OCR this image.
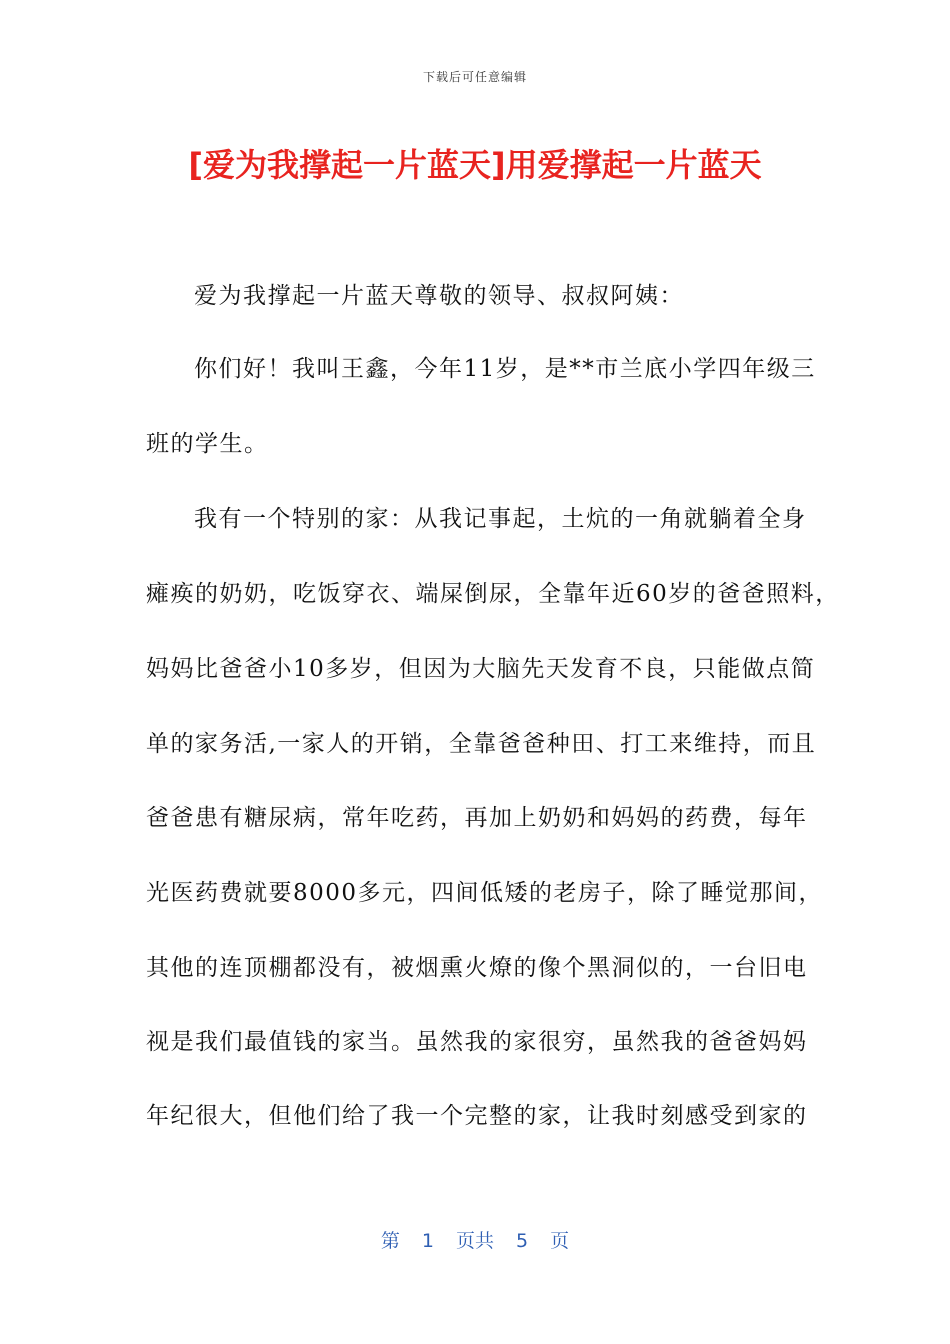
下载后可任意编辑
[爱为我撑起一片蓝天]用爱撑起一片蓝天
爱为我撑起一片蓝天尊敬的领导、叔叔阿姨：
你们好！我叫王鑫，今年11岁，是**市兰底小学四年级三
班的学生。
我有一个特别的家：从我记事起，土炕的一角就躺着全身
瘫痪的奶奶，吃饭穿衣、端屎倒尿，全靠年近60岁的爸爸照料，
妈妈比爸爸小10多岁，但因为大脑先天发育不良，只能做点简
单的家务活,一家人的开销，全靠爸爸种田、打工来维持，而且
爸爸患有糖尿病，常年吃药，再加上奶奶和妈妈的药费，每年
光医药费就要8000多元，四间低矮的老房子，除了睡觉那间，
其他的连顶棚都没有，被烟熏火燎的像个黑洞似的，一台旧电
视是我们最值钱的家当。虽然我的家很穷，虽然我的爸爸妈妈
年纪很大，但他们给了我一个完整的家，让我时刻感受到家的
第 1 页共 5 页
